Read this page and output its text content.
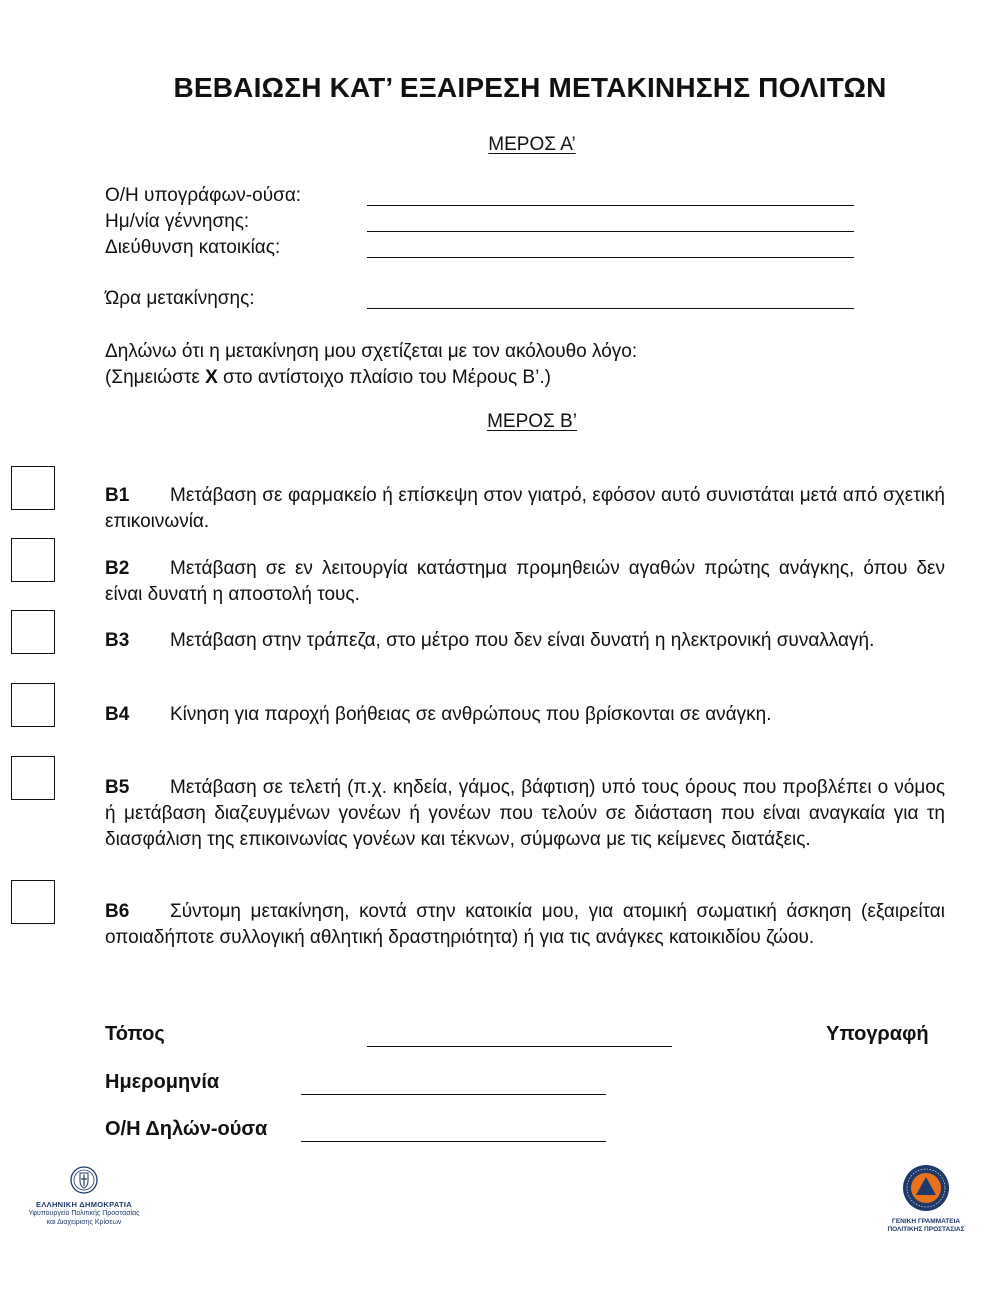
ΒΕΒΑΙΩΣΗ ΚΑΤ’ ΕΞΑΙΡΕΣΗ ΜΕΤΑΚΙΝΗΣΗΣ ΠΟΛΙΤΩΝ
ΜΕΡΟΣ Α’
Ο/Η υπογράφων-ούσα:
Ημ/νία γέννησης:
Διεύθυνση κατοικίας:
Ώρα μετακίνησης:
Δηλώνω ότι η μετακίνηση μου σχετίζεται με τον ακόλουθο λόγο:
(Σημειώστε Χ στο αντίστοιχο πλαίσιο του Μέρους Β’.)
ΜΕΡΟΣ Β’
Β1 Μετάβαση σε φαρμακείο ή επίσκεψη στον γιατρό, εφόσον αυτό συνιστάται μετά από σχετική επικοινωνία.
Β2 Μετάβαση σε εν λειτουργία κατάστημα προμηθειών αγαθών πρώτης ανάγκης, όπου δεν είναι δυνατή η αποστολή τους.
Β3 Μετάβαση στην τράπεζα, στο μέτρο που δεν είναι δυνατή η ηλεκτρονική συναλλαγή.
Β4 Κίνηση για παροχή βοήθειας σε ανθρώπους που βρίσκονται σε ανάγκη.
Β5 Μετάβαση σε τελετή (π.χ. κηδεία, γάμος, βάφτιση) υπό τους όρους που προβλέπει ο νόμος ή μετάβαση διαζευγμένων γονέων ή γονέων που τελούν σε διάσταση που είναι αναγκαία για τη διασφάλιση της επικοινωνίας γονέων και τέκνων, σύμφωνα με τις κείμενες διατάξεις.
Β6 Σύντομη μετακίνηση, κοντά στην κατοικία μου, για ατομική σωματική άσκηση (εξαιρείται οποιαδήποτε συλλογική αθλητική δραστηριότητα) ή για τις ανάγκες κατοικιδίου ζώου.
Τόπος	Υπογραφή
Ημερομηνία
Ο/Η Δηλών-ούσα
ΕΛΛΗΝΙΚΗ ΔΗΜΟΚΡΑΤΙΑ
Υφυπουργείο Πολιτικής Προστασίας
και Διαχείρισης Κρίσεων	ΓΕΝΙΚΗ ΓΡΑΜΜΑΤΕΙΑ
ΠΟΛΙΤΙΚΗΣ ΠΡΟΣΤΑΣΙΑΣ
